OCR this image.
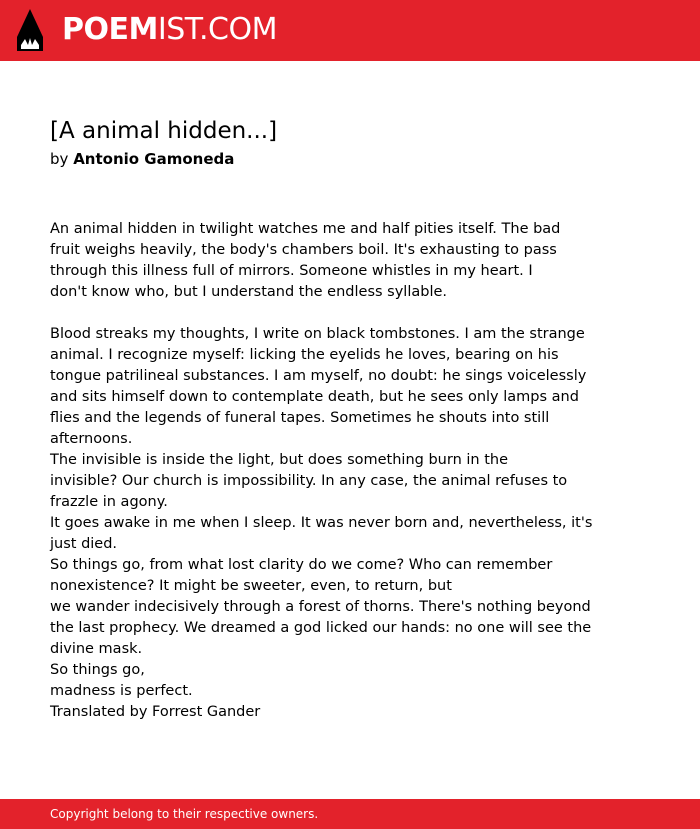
POEMIST.COM
[A animal hidden...]
by Antonio Gamoneda
An animal hidden in twilight watches me and half pities itself. The bad
fruit weighs heavily, the body's chambers boil. It's exhausting to pass
through this illness full of mirrors. Someone whistles in my heart. I
don't know who, but I understand the endless syllable.
Blood streaks my thoughts, I write on black tombstones. I am the strange
animal. I recognize myself: licking the eyelids he loves, bearing on his
tongue patrilineal substances. I am myself, no doubt: he sings voicelessly
and sits himself down to contemplate death, but he sees only lamps and
flies and the legends of funeral tapes. Sometimes he shouts into still
afternoons.
The invisible is inside the light, but does something burn in the
invisible? Our church is impossibility. In any case, the animal refuses to
frazzle in agony.
It goes awake in me when I sleep. It was never born and, nevertheless, it's
just died.
So things go, from what lost clarity do we come? Who can remember
nonexistence? It might be sweeter, even, to return, but
we wander indecisively through a forest of thorns. There's nothing beyond
the last prophecy. We dreamed a god licked our hands: no one will see the
divine mask.
So things go,
madness is perfect.
Translated by Forrest Gander
Copyright belong to their respective owners.
